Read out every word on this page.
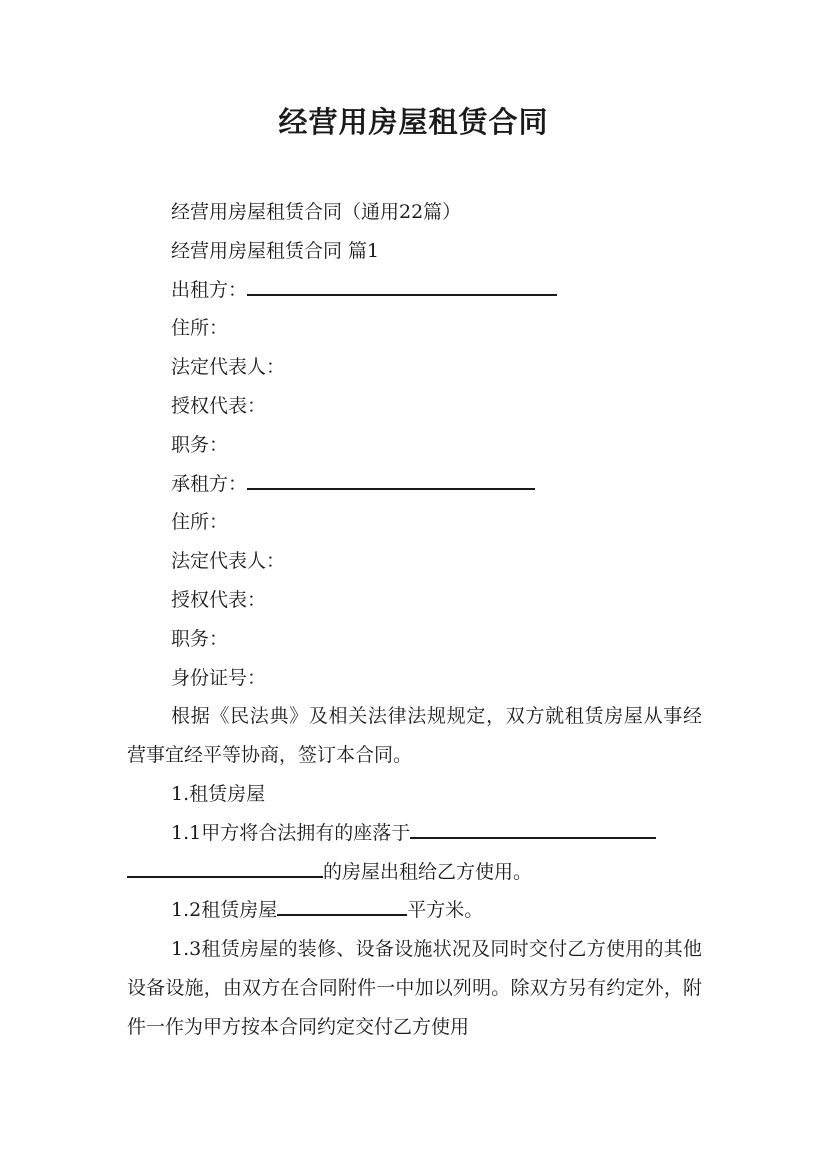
经营用房屋租赁合同

经营用房屋租赁合同（通用22篇）

经营用房屋租赁合同 篇1

出租方：

住所：

法定代表人：

授权代表：

职务：

承租方：

住所：

法定代表人：

授权代表：

职务：

身份证号：

根据《民法典》及相关法律法规规定，双方就租赁房屋从事经营事宜经平等协商，签订本合同。

1.租赁房屋

1.1甲方将合法拥有的座落于

的房屋出租给乙方使用。

1.2租赁房屋	平方米。

1.3租赁房屋的装修、设备设施状况及同时交付乙方使用的其他设备设施，由双方在合同附件一中加以列明。除双方另有约定外，附件一作为甲方按本合同约定交付乙方使用
